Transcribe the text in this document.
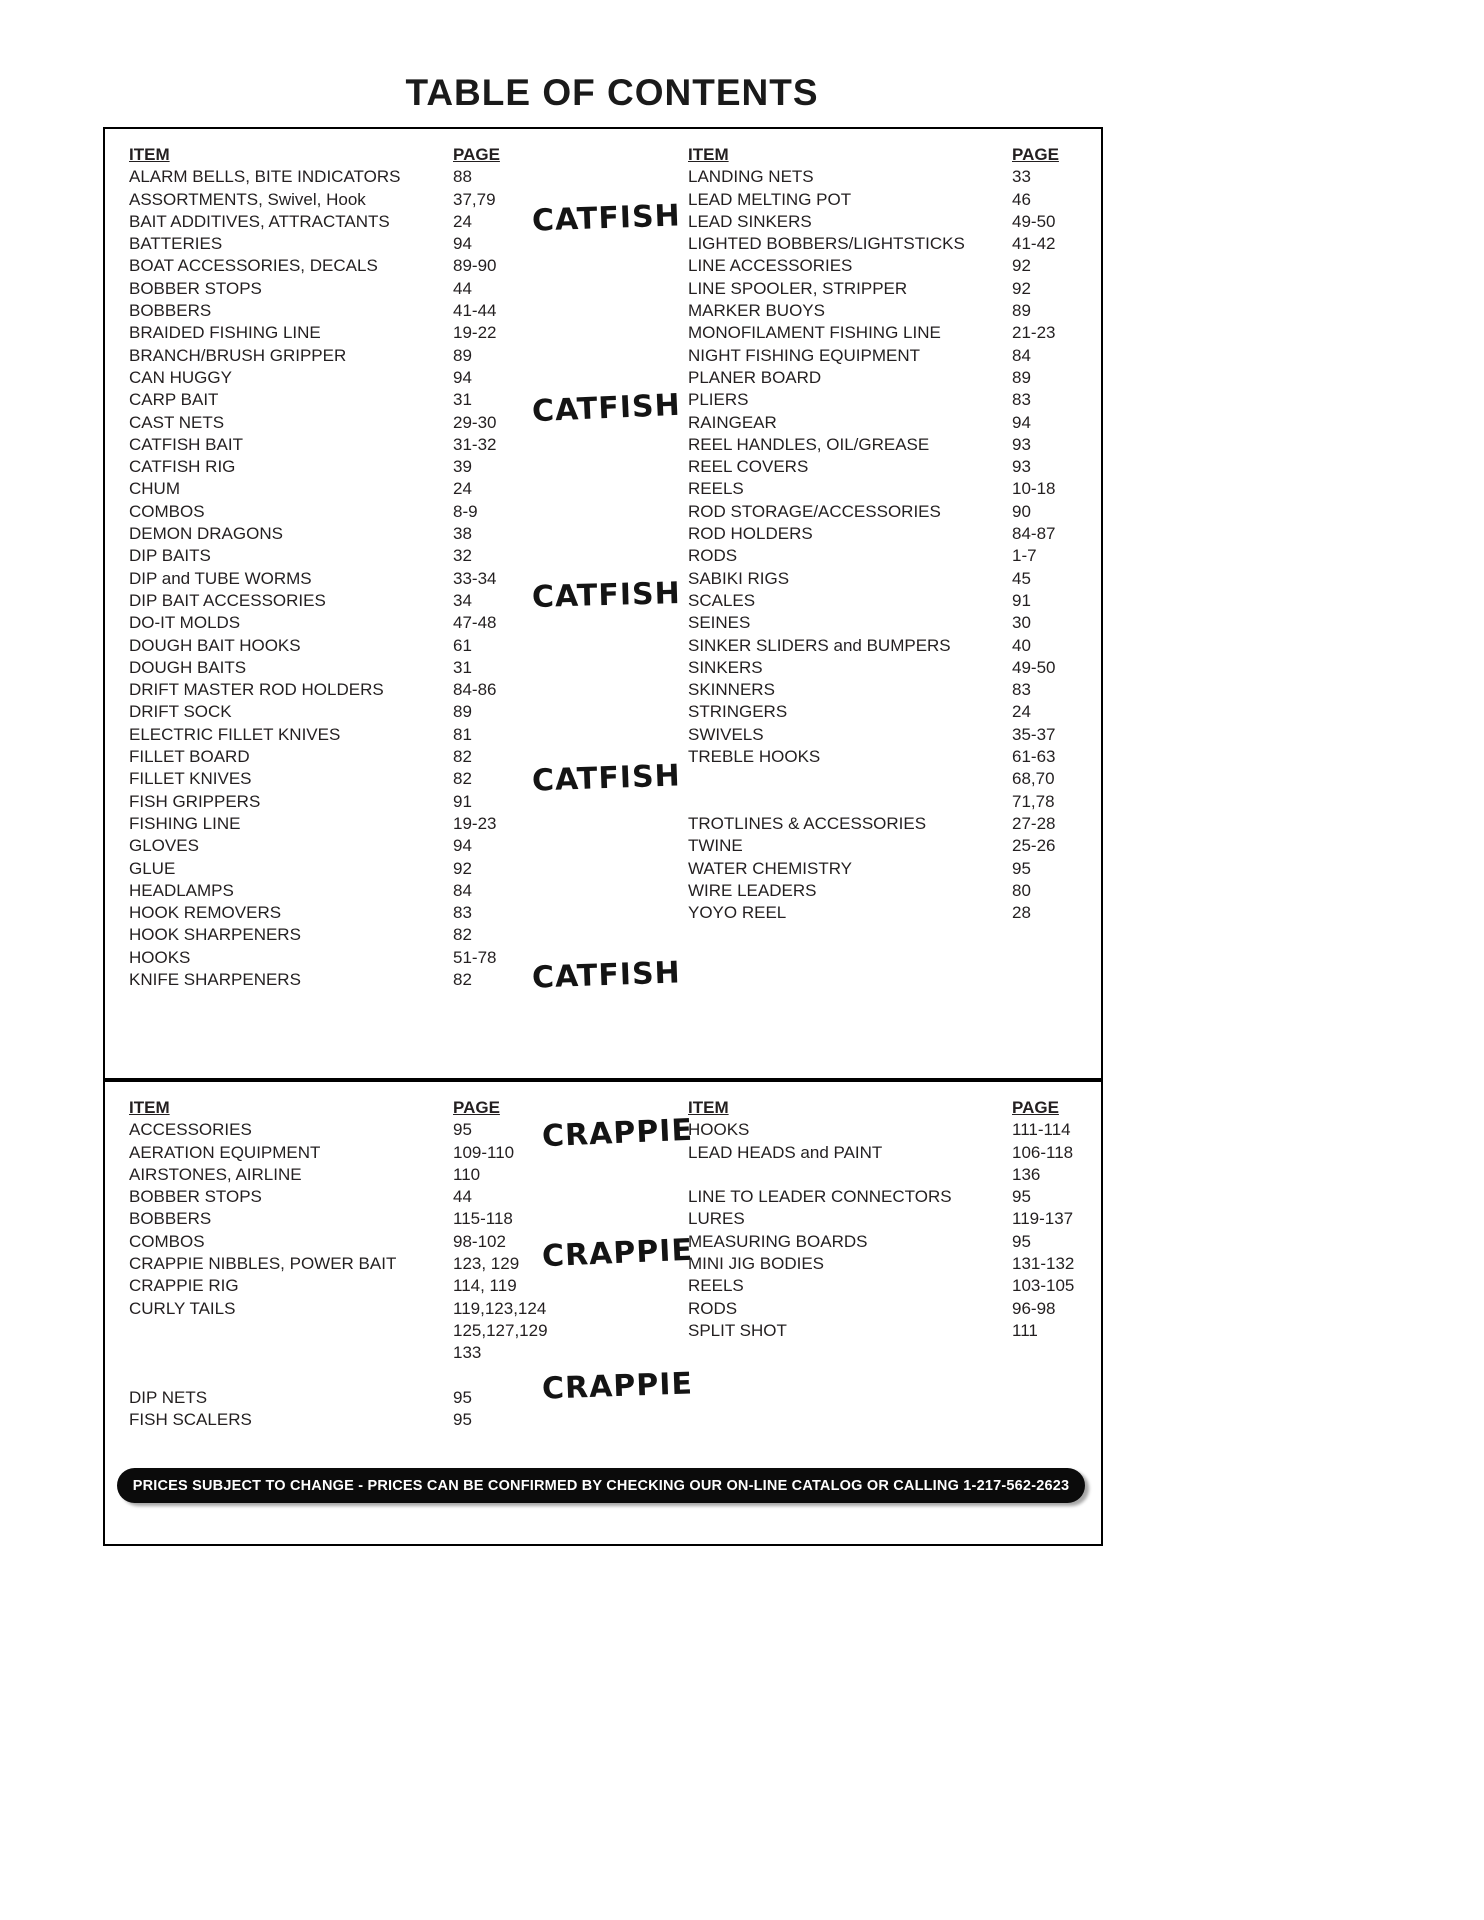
TABLE OF CONTENTS
CATFISH
CATFISH
CATFISH
CATFISH
CATFISH
ITEM	PAGE
ALARM BELLS, BITE INDICATORS	88
ASSORTMENTS, Swivel, Hook	37,79
BAIT ADDITIVES, ATTRACTANTS	24
BATTERIES	94
BOAT ACCESSORIES, DECALS	89-90
BOBBER STOPS	44
BOBBERS	41-44
BRAIDED FISHING LINE	19-22
BRANCH/BRUSH GRIPPER	89
CAN HUGGY	94
CARP BAIT	31
CAST NETS	29-30
CATFISH BAIT	31-32
CATFISH RIG	39
CHUM	24
COMBOS	8-9
DEMON DRAGONS	38
DIP BAITS	32
DIP and TUBE WORMS	33-34
DIP BAIT ACCESSORIES	34
DO-IT MOLDS	47-48
DOUGH BAIT HOOKS	61
DOUGH BAITS	31
DRIFT MASTER ROD HOLDERS	84-86
DRIFT SOCK	89
ELECTRIC FILLET KNIVES	81
FILLET BOARD	82
FILLET KNIVES	82
FISH GRIPPERS	91
FISHING LINE	19-23
GLOVES	94
GLUE	92
HEADLAMPS	84
HOOK REMOVERS	83
HOOK SHARPENERS	82
HOOKS	51-78
KNIFE SHARPENERS	82
ITEM	PAGE
LANDING NETS	33
LEAD MELTING POT	46
LEAD SINKERS	49-50
LIGHTED BOBBERS/LIGHTSTICKS	41-42
LINE ACCESSORIES	92
LINE SPOOLER, STRIPPER	92
MARKER BUOYS	89
MONOFILAMENT FISHING LINE	21-23
NIGHT FISHING EQUIPMENT	84
PLANER BOARD	89
PLIERS	83
RAINGEAR	94
REEL HANDLES, OIL/GREASE	93
REEL COVERS	93
REELS	10-18
ROD STORAGE/ACCESSORIES	90
ROD HOLDERS	84-87
RODS	1-7
SABIKI RIGS	45
SCALES	91
SEINES	30
SINKER SLIDERS and BUMPERS	40
SINKERS	49-50
SKINNERS	83
STRINGERS	24
SWIVELS	35-37
TREBLE HOOKS	61-63
68,70
71,78
TROTLINES & ACCESSORIES	27-28
TWINE	25-26
WATER CHEMISTRY	95
WIRE LEADERS	80
YOYO REEL	28
CRAPPIE
CRAPPIE
CRAPPIE
ITEM	PAGE
ACCESSORIES	95
AERATION EQUIPMENT	109-110
AIRSTONES, AIRLINE	110
BOBBER STOPS	44
BOBBERS	115-118
COMBOS	98-102
CRAPPIE NIBBLES, POWER BAIT	123, 129
CRAPPIE RIG	114, 119
CURLY TAILS	119,123,124
125,127,129
133
DIP NETS	95
FISH SCALERS	95
ITEM	PAGE
HOOKS	111-114
LEAD HEADS and PAINT	106-118
136
LINE TO LEADER CONNECTORS	95
LURES	119-137
MEASURING BOARDS	95
MINI JIG BODIES	131-132
REELS	103-105
RODS	96-98
SPLIT SHOT	111
PRICES SUBJECT TO CHANGE - PRICES CAN BE CONFIRMED BY CHECKING OUR ON-LINE CATALOG OR CALLING 1-217-562-2623
